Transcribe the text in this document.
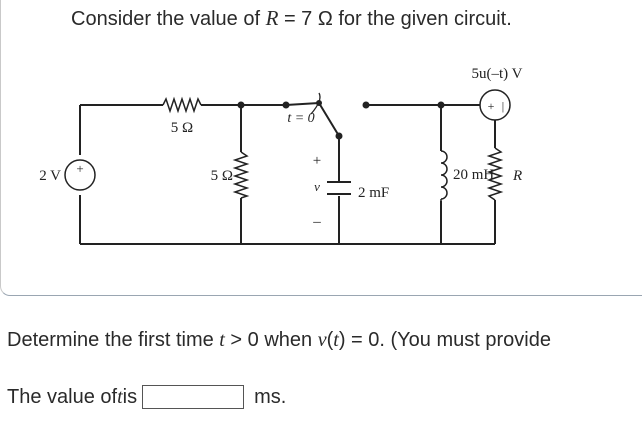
Consider the value of R = 7 Ω for the given circuit.
+
2 V
5 Ω
5 Ω
t = 0
+
v
–
2 mF
+ |
5u(–t) V
20 mH R
Determine the first time t > 0 when v(t) = 0. (You must provide
The value of t is	ms.
